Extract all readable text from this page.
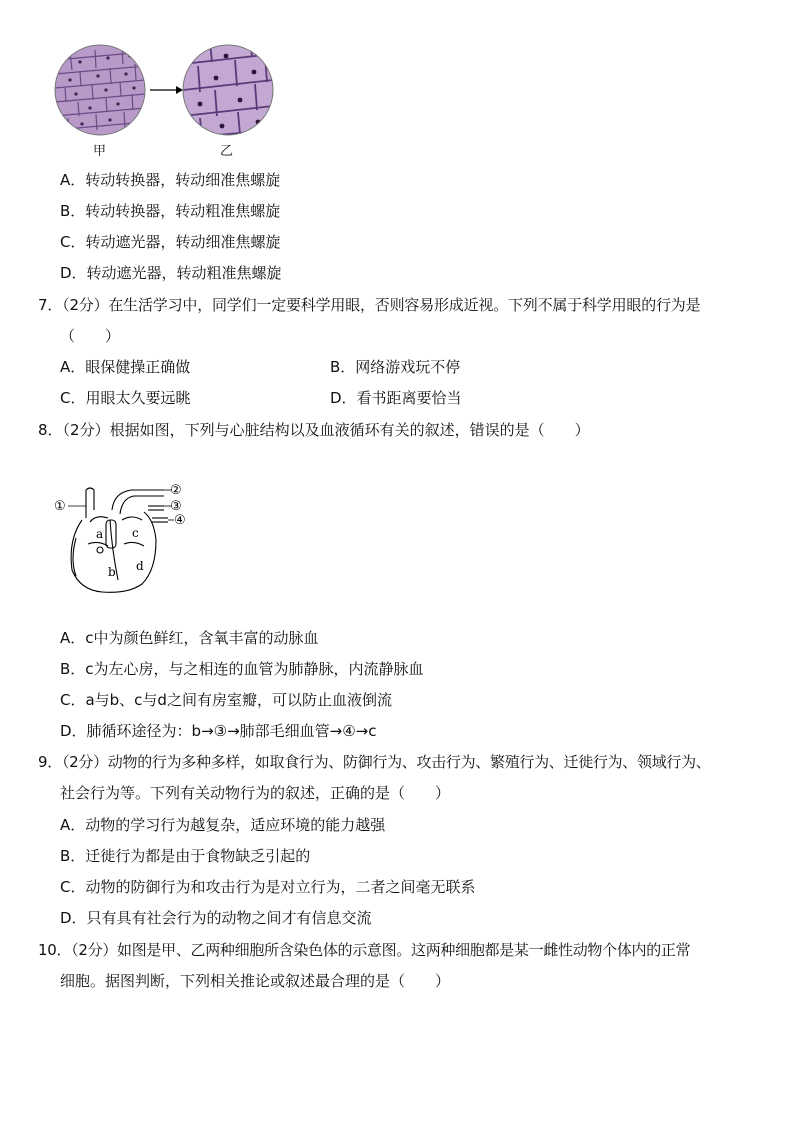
甲	乙
A．转动转换器，转动细准焦螺旋
B．转动转换器，转动粗准焦螺旋
C．转动遮光器，转动细准焦螺旋
D．转动遮光器，转动粗准焦螺旋
7．（2分）在生活学习中，同学们一定要科学用眼，否则容易形成近视。下列不属于科学用眼的行为是
（　　）
A．眼保健操正确做	B．网络游戏玩不停
C．用眼太久要远眺	D．看书距离要恰当
8．（2分）根据如图，下列与心脏结构以及血液循环有关的叙述，错误的是（　　）
①
②
③
④
a
b
c
d
A．c中为颜色鲜红，含氧丰富的动脉血
B．c为左心房，与之相连的血管为肺静脉，内流静脉血
C．a与b、c与d之间有房室瓣，可以防止血液倒流
D．肺循环途径为：b→③→肺部毛细血管→④→c
9．（2分）动物的行为多种多样，如取食行为、防御行为、攻击行为、繁殖行为、迁徙行为、领域行为、
社会行为等。下列有关动物行为的叙述，正确的是（　　）
A．动物的学习行为越复杂，适应环境的能力越强
B．迁徙行为都是由于食物缺乏引起的
C．动物的防御行为和攻击行为是对立行为，二者之间毫无联系
D．只有具有社会行为的动物之间才有信息交流
10．（2分）如图是甲、乙两种细胞所含染色体的示意图。这两种细胞都是某一雌性动物个体内的正常
细胞。据图判断，下列相关推论或叙述最合理的是（　　）
